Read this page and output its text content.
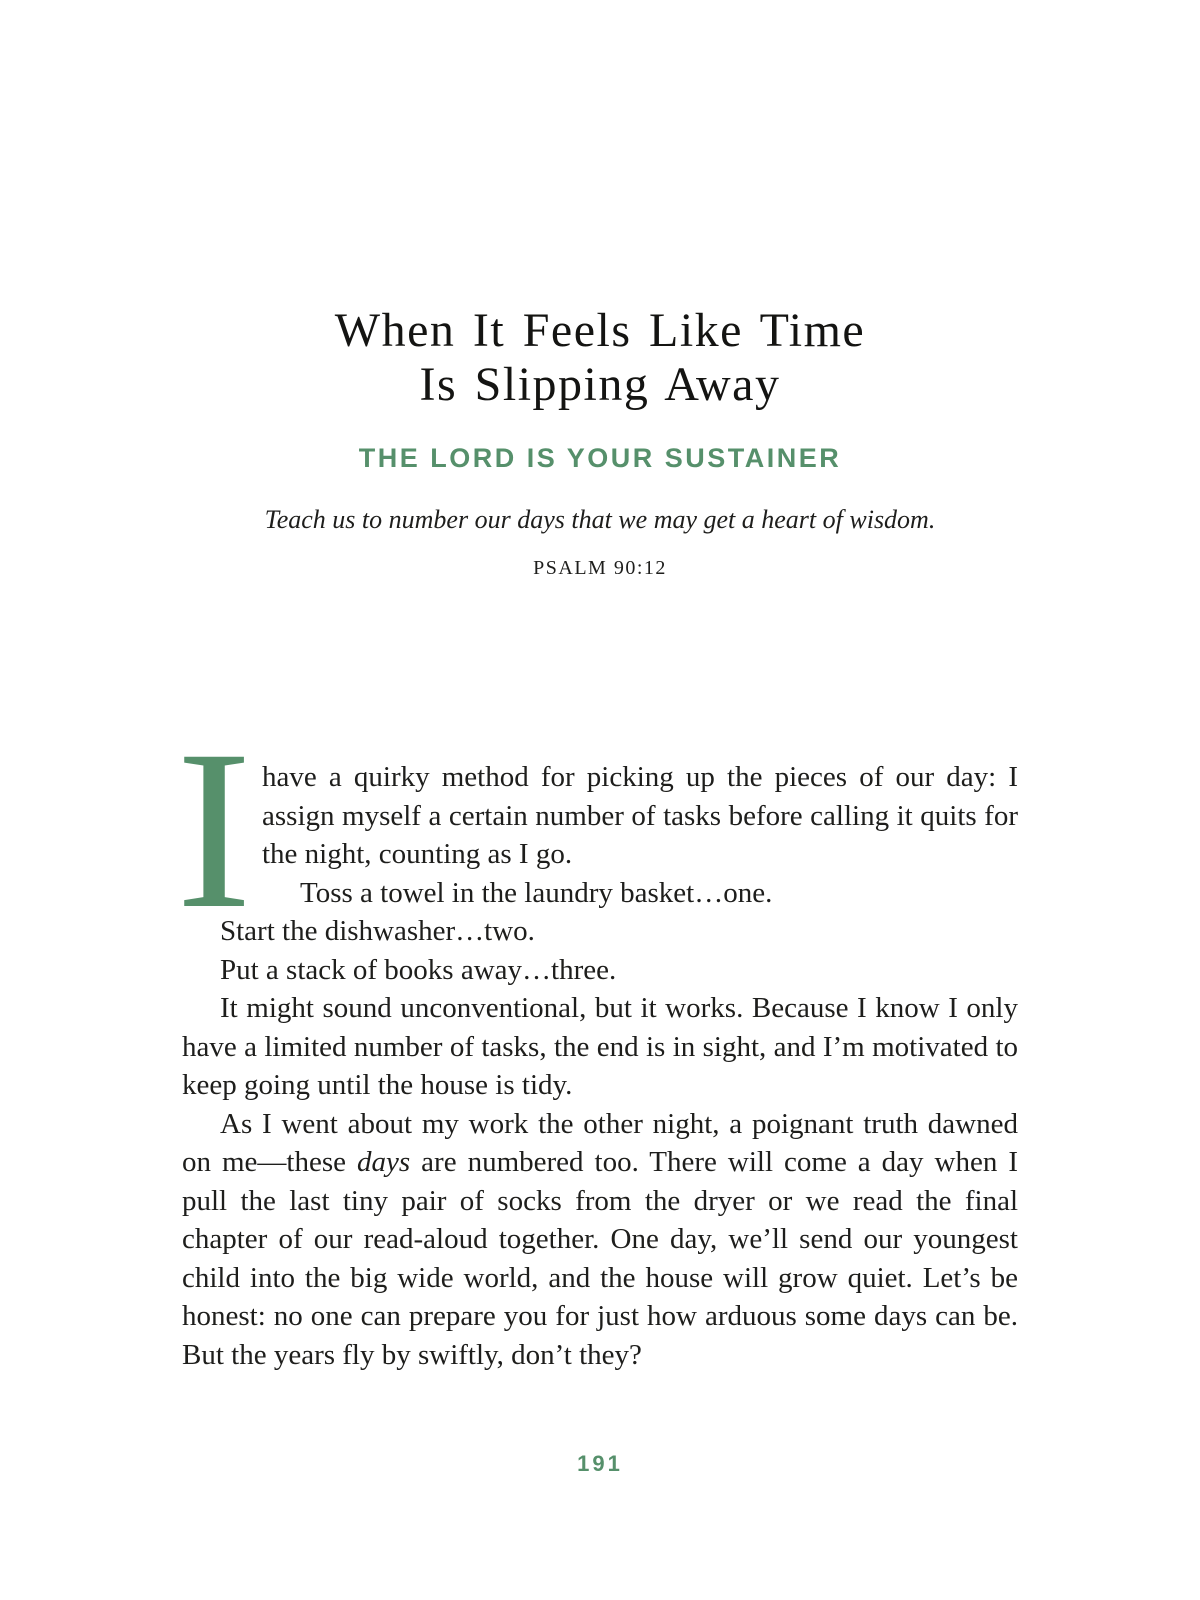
When It Feels Like Time
Is Slipping Away
THE LORD IS YOUR SUSTAINER
Teach us to number our days that we may get a heart of wisdom.
PSALM 90:12

I have a quirky method for picking up the pieces of our day: I assign myself a certain number of tasks before calling it quits for the night, counting as I go.

Toss a towel in the laundry basket…one.

Start the dishwasher…two.

Put a stack of books away…three.

It might sound unconventional, but it works. Because I know I only have a limited number of tasks, the end is in sight, and I’m motivated to keep going until the house is tidy.

As I went about my work the other night, a poignant truth dawned on me—these days are numbered too. There will come a day when I pull the last tiny pair of socks from the dryer or we read the final chapter of our read-aloud together. One day, we’ll send our youngest child into the big wide world, and the house will grow quiet. Let’s be honest: no one can prepare you for just how arduous some days can be. But the years fly by swiftly, don’t they?

191
